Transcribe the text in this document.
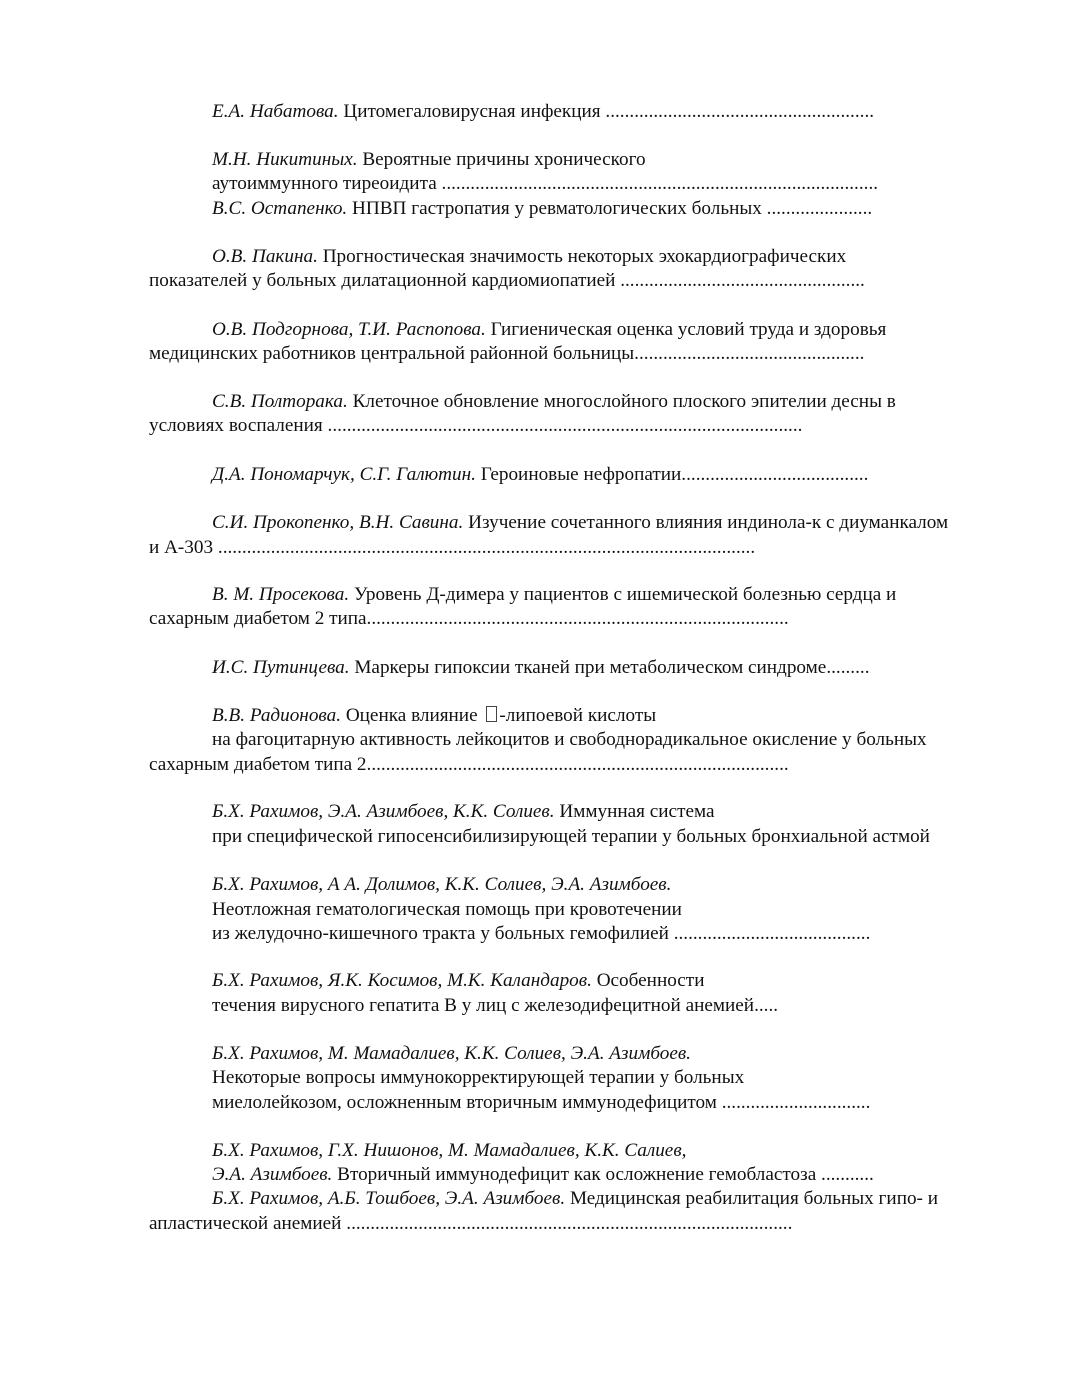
Е.А. Набатова. Цитомегаловирусная инфекция ........................................................
М.Н. Никитиных. Вероятные причины хронического
аутоиммунного тиреоидита ...........................................................................................
В.С. Остапенко. НПВП гастропатия у ревматологических больных ......................
О.В. Пакина. Прогностическая значимость некоторых эхокардиографических
показателей у больных дилатационной кардиомиопатией ...................................................
О.В. Подгорнова, Т.И. Распопова. Гигиеническая оценка условий труда и здоровья
медицинских работников центральной районной больницы................................................
С.В. Полторака. Клеточное обновление многослойного плоского эпителии десны в
условиях воспаления ...................................................................................................
Д.А. Пономарчук, С.Г. Галютин. Героиновые нефропатии.......................................
С.И. Прокопенко, В.Н. Савина. Изучение сочетанного влияния индинола-к с диуманкалом
и А-303 ................................................................................................................
В. М. Просекова. Уровень Д-димера у пациентов с ишемической болезнью сердца и
сахарным диабетом 2 типа........................................................................................
И.С. Путинцева. Маркеры гипоксии тканей при метаболическом синдроме.........
В.В. Радионова. Оценка влияние -липоевой кислоты
на фагоцитарную активность лейкоцитов и свободнорадикальное окисление у больных
сахарным диабетом типа 2........................................................................................
Б.Х. Рахимов, Э.А. Азимбоев, К.К. Солиев. Иммунная система
при специфической гипосенсибилизирующей терапии у больных бронхиальной астмой
Б.Х. Рахимов, А А. Долимов, К.К. Солиев, Э.А. Азимбоев.
Неотложная гематологическая помощь при кровотечении
из желудочно-кишечного тракта у больных гемофилией .........................................
Б.Х. Рахимов, Я.К. Косимов, М.К. Каландаров. Особенности
течения вирусного гепатита В у лиц с железодифецитной анемией.....
Б.Х. Рахимов, М. Мамадалиев, К.К. Солиев, Э.А. Азимбоев.
Некоторые вопросы иммунокорректирующей терапии у больных
миелолейкозом, осложненным вторичным иммунодефицитом ...............................
Б.Х. Рахимов, Г.Х. Нишонов, М. Мамадалиев, К.К. Салиев,
Э.А. Азимбоев. Вторичный иммунодефицит как осложнение гемобластоза ...........
Б.Х. Рахимов, А.Б. Тошбоев, Э.А. Азимбоев. Медицинская реабилитация больных гипо- и
апластической анемией .............................................................................................
